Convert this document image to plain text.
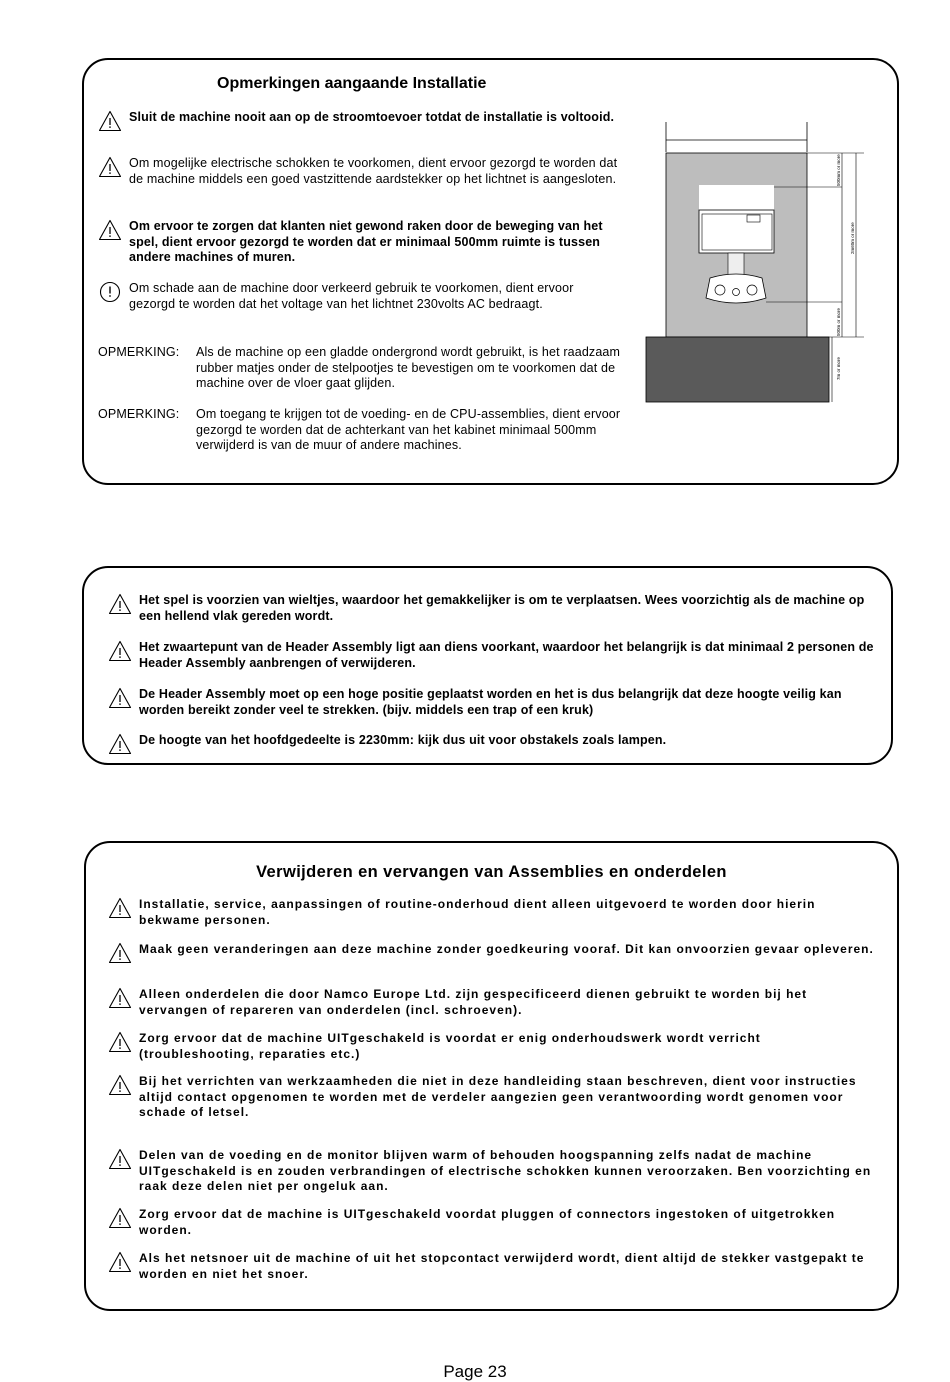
Opmerkingen aangaande Installatie
Sluit de machine nooit aan op de stroomtoevoer totdat de installatie is voltooid.
Om mogelijke electrische schokken te voorkomen, dient ervoor gezorgd te worden dat de machine middels een goed vastzittende aardstekker op het lichtnet is aangesloten.
Om ervoor te zorgen dat klanten niet gewond raken door de beweging van het spel, dient ervoor gezorgd te worden dat er minimaal 500mm ruimte is tussen andere machines of muren.
Om schade aan de machine door verkeerd gebruik te voorkomen, dient ervoor gezorgd te worden dat het voltage van het lichtnet 230volts AC bedraagt.
OPMERKING: Als de machine op een gladde ondergrond wordt gebruikt, is het raadzaam rubber matjes onder de stelpootjes te bevestigen om te voorkomen dat de machine over de vloer gaat glijden.
OPMERKING: Om toegang te krijgen tot de voeding- en de CPU-assemblies, dient ervoor gezorgd te worden dat de achterkant van het kabinet minimaal 500mm verwijderd is van de muur of andere machines.
500mm or more
2m60m or more
500m or more
7m or more
Het spel is voorzien van wieltjes, waardoor het gemakkelijker is om te verplaatsen. Wees voorzichtig als de machine op een hellend vlak gereden wordt.
Het zwaartepunt van de Header Assembly ligt aan diens voorkant, waardoor het belangrijk is dat minimaal 2 personen de Header Assembly aanbrengen of verwijderen.
De Header Assembly moet op een hoge positie geplaatst worden en het is dus belangrijk dat deze hoogte veilig kan worden bereikt zonder veel te strekken. (bijv. middels een trap of een kruk)
De hoogte van het hoofdgedeelte is 2230mm: kijk dus uit voor obstakels zoals lampen.
Verwijderen en vervangen van Assemblies en onderdelen
Installatie, service, aanpassingen of routine-onderhoud dient alleen uitgevoerd te worden door hierin bekwame personen.
Maak geen veranderingen aan deze machine zonder goedkeuring vooraf. Dit kan onvoorzien gevaar opleveren.
Alleen onderdelen die door Namco Europe Ltd. zijn gespecificeerd dienen gebruikt te worden bij het vervangen of repareren van onderdelen (incl. schroeven).
Zorg ervoor dat de machine UITgeschakeld is voordat er enig onderhoudswerk wordt verricht (troubleshooting, reparaties etc.)
Bij het verrichten van werkzaamheden die niet in deze handleiding staan beschreven, dient voor instructies altijd contact opgenomen te worden met de verdeler aangezien geen verantwoording wordt genomen voor schade of letsel.
Delen van de voeding en de monitor blijven warm of behouden hoogspanning zelfs nadat de machine UITgeschakeld is en zouden verbrandingen of electrische schokken kunnen veroorzaken. Ben voorzichting en raak deze delen niet per ongeluk aan.
Zorg ervoor dat de machine is UITgeschakeld voordat pluggen of connectors ingestoken of uitgetrokken worden.
Als het netsnoer uit de machine of uit het stopcontact verwijderd wordt, dient altijd de stekker vastgepakt te worden en niet het snoer.
Page 23
